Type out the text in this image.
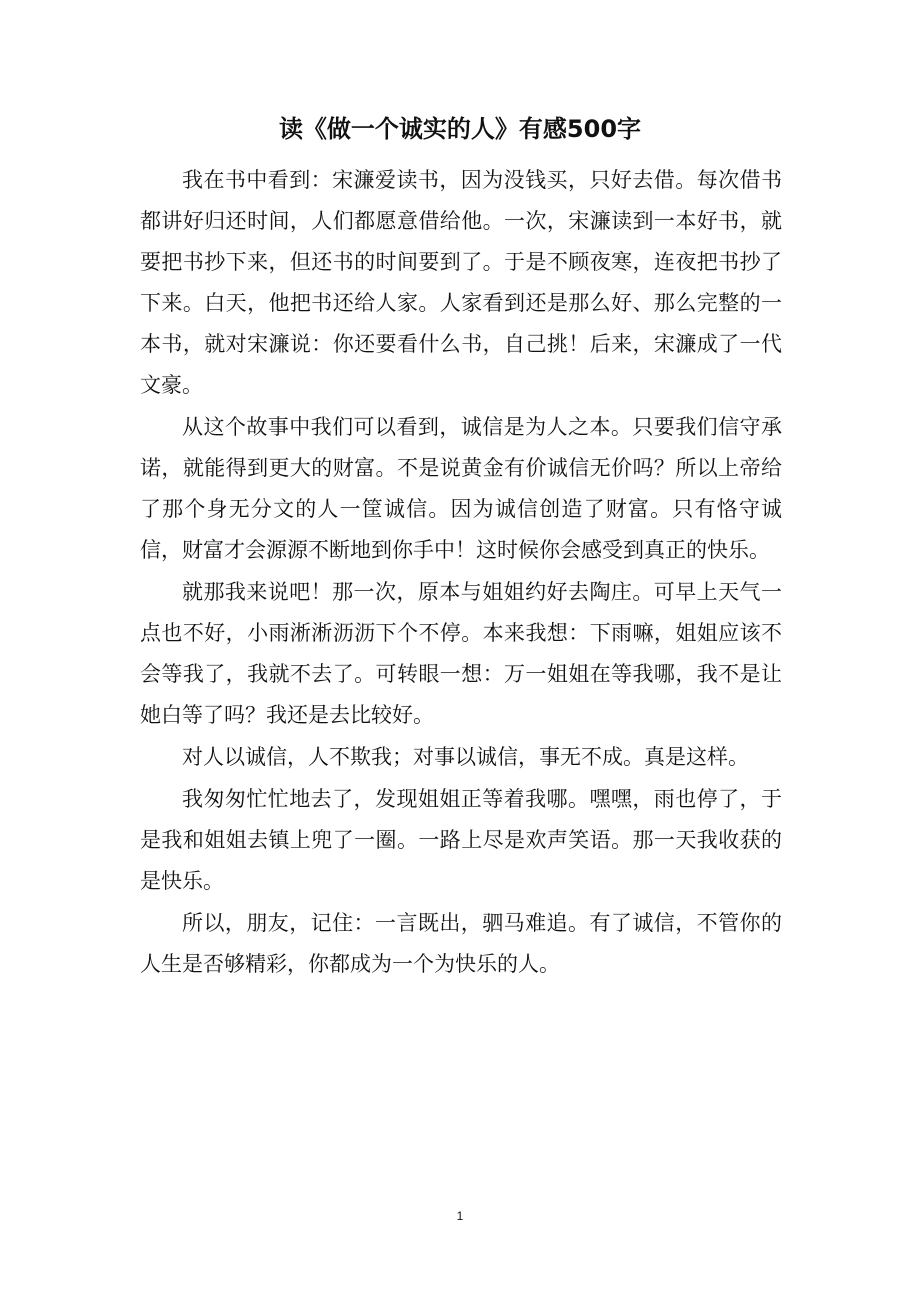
读《做一个诚实的人》有感500字

我在书中看到：宋濂爱读书，因为没钱买，只好去借。每次借书都讲好归还时间，人们都愿意借给他。一次，宋濂读到一本好书，就要把书抄下来，但还书的时间要到了。于是不顾夜寒，连夜把书抄了下来。白天，他把书还给人家。人家看到还是那么好、那么完整的一本书，就对宋濂说：你还要看什么书，自己挑！后来，宋濂成了一代文豪。

从这个故事中我们可以看到，诚信是为人之本。只要我们信守承诺，就能得到更大的财富。不是说黄金有价诚信无价吗？所以上帝给了那个身无分文的人一筐诚信。因为诚信创造了财富。只有恪守诚信，财富才会源源不断地到你手中！这时候你会感受到真正的快乐。

就那我来说吧！那一次，原本与姐姐约好去陶庄。可早上天气一点也不好，小雨淅淅沥沥下个不停。本来我想：下雨嘛，姐姐应该不会等我了，我就不去了。可转眼一想：万一姐姐在等我哪，我不是让她白等了吗？我还是去比较好。

对人以诚信，人不欺我；对事以诚信，事无不成。真是这样。

我匆匆忙忙地去了，发现姐姐正等着我哪。嘿嘿，雨也停了，于是我和姐姐去镇上兜了一圈。一路上尽是欢声笑语。那一天我收获的是快乐。

所以，朋友，记住：一言既出，驷马难追。有了诚信，不管你的人生是否够精彩，你都成为一个为快乐的人。

1
